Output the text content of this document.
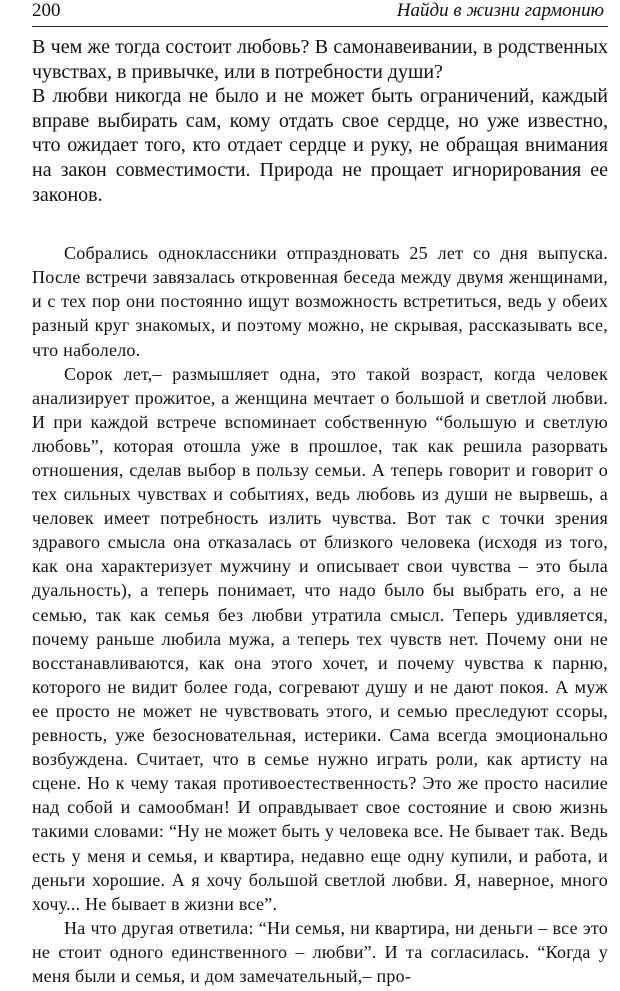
200	Найди в жизни гармонию

В чем же тогда состоит любовь? В самонавеивании, в родственных чувствах, в привычке, или в потребности души?

В любви никогда не было и не может быть ограничений, каждый вправе выбирать сам, кому отдать свое сердце, но уже известно, что ожидает того, кто отдает сердце и руку, не обращая внимания на закон совместимости. Природа не прощает игнорирования ее законов.

Собрались одноклассники отпраздновать 25 лет со дня выпуска. После встречи завязалась откровенная беседа между двумя женщинами, и с тех пор они постоянно ищут возможность встретиться, ведь у обеих разный круг знакомых, и поэтому можно, не скрывая, рассказывать все, что наболело.

Сорок лет,– размышляет одна, это такой возраст, когда человек анализирует прожитое, а женщина мечтает о большой и светлой любви. И при каждой встрече вспоминает собственную “большую и светлую любовь”, которая отошла уже в прошлое, так как решила разорвать отношения, сделав выбор в пользу семьи. А теперь говорит и говорит о тех сильных чувствах и событиях, ведь любовь из души не вырвешь, а человек имеет потребность излить чувства. Вот так с точки зрения здравого смысла она отказалась от близкого человека (исходя из того, как она характеризует мужчину и описывает свои чувства – это была дуальность), а теперь понимает, что надо было бы выбрать его, а не семью, так как семья без любви утратила смысл. Теперь удивляется, почему раньше любила мужа, а теперь тех чувств нет. Почему они не восстанавливаются, как она этого хочет, и почему чувства к парню, которого не видит более года, согревают душу и не дают покоя. А муж ее просто не может не чувствовать этого, и семью преследуют ссоры, ревность, уже безосновательная, истерики. Сама всегда эмоционально возбуждена. Считает, что в семье нужно играть роли, как артисту на сцене. Но к чему такая противоестественность? Это же просто насилие над собой и самообман! И оправдывает свое состояние и свою жизнь такими словами: “Ну не может быть у человека все. Не бывает так. Ведь есть у меня и семья, и квартира, недавно еще одну купили, и работа, и деньги хорошие. А я хочу большой светлой любви. Я, наверное, много хочу... Не бывает в жизни все”.

На что другая ответила: “Ни семья, ни квартира, ни деньги – все это не стоит одного единственного – любви”. И та согласилась. “Когда у меня были и семья, и дом замечательный,– про-
